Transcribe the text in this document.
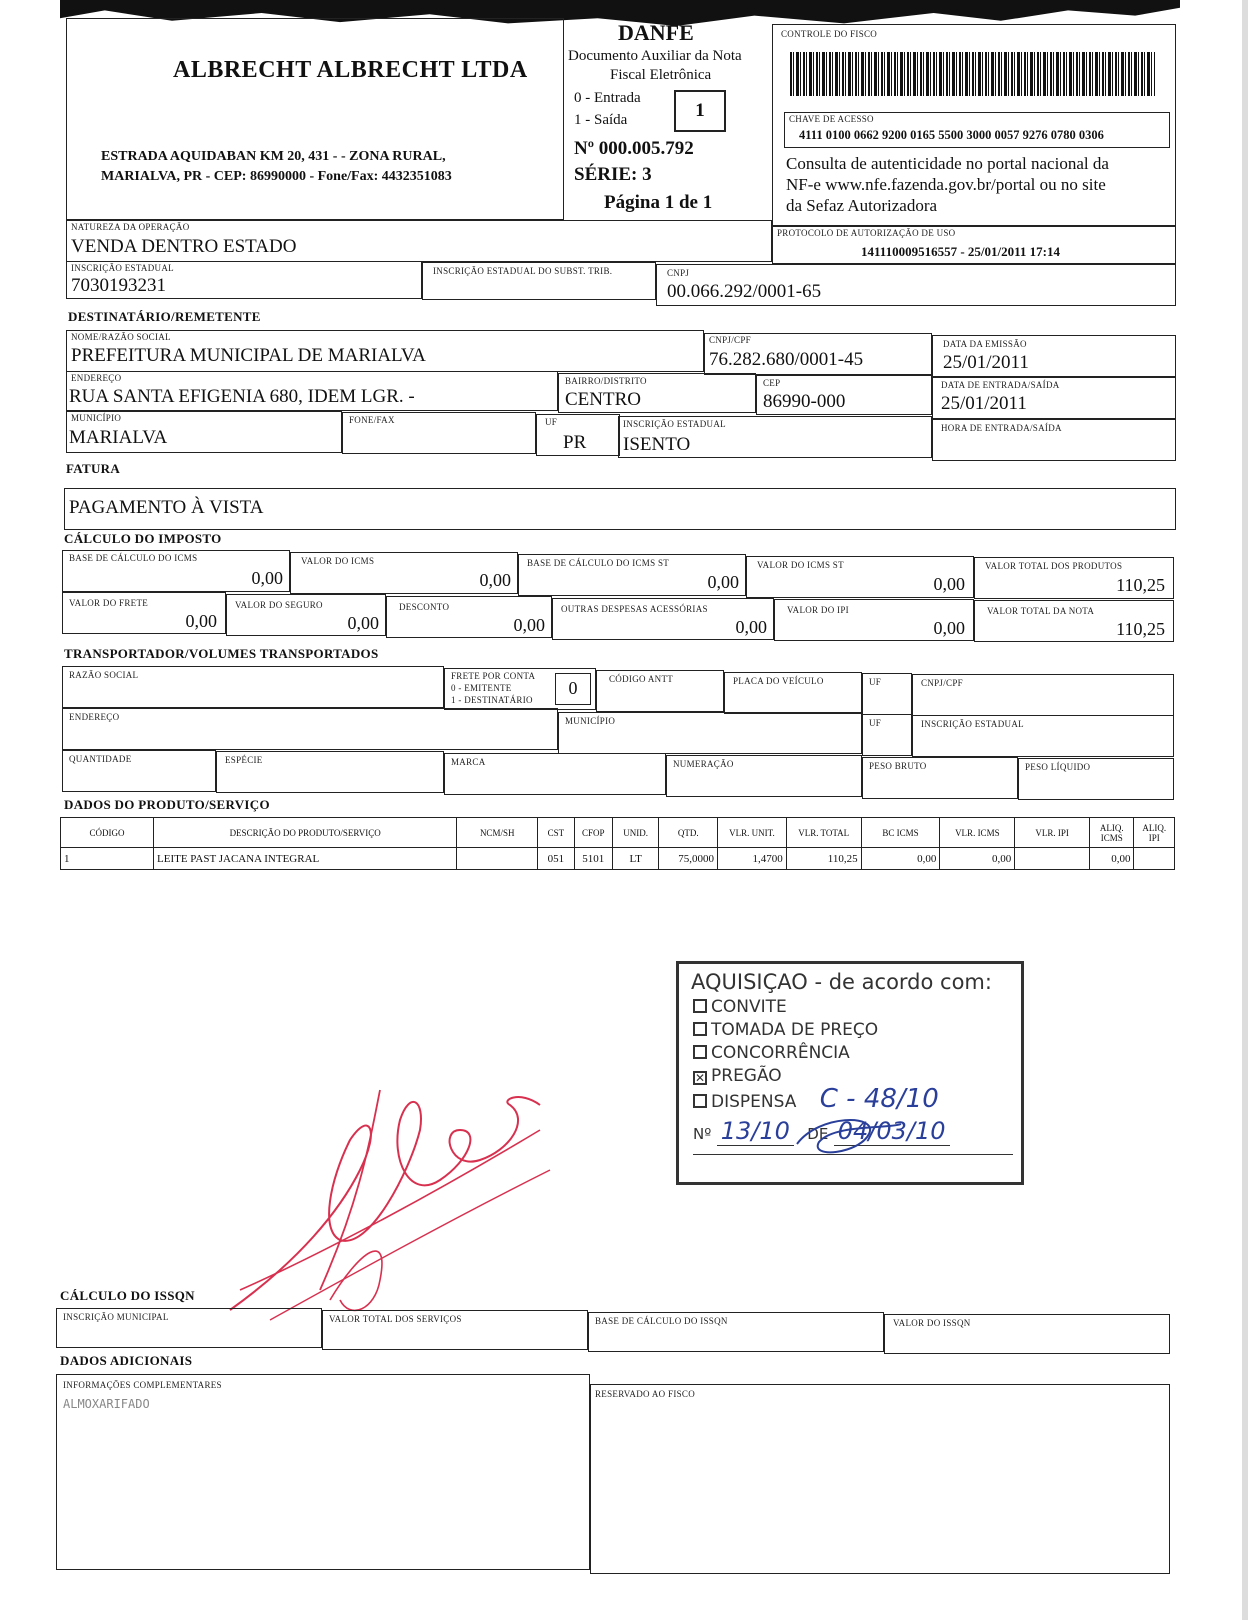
ALBRECHT ALBRECHT LTDA
ESTRADA AQUIDABAN KM 20, 431 - - ZONA RURAL,
MARIALVA, PR - CEP: 86990000 - Fone/Fax: 4432351083
DANFE
Documento Auxiliar da Nota
Fiscal Eletrônica
0 - Entrada
1 - Saída	1
Nº 000.005.792
SÉRIE: 3
Página 1 de 1
CONTROLE DO FISCO
CHAVE DE ACESSO
4111 0100 0662 9200 0165 5500 3000 0057 9276 0780 0306
Consulta de autenticidade no portal nacional da
NF-e www.nfe.fazenda.gov.br/portal ou no site
da Sefaz Autorizadora
NATUREZA DA OPERAÇÃO
VENDA DENTRO ESTADO
PROTOCOLO DE AUTORIZAÇÃO DE USO
141110009516557 - 25/01/2011 17:14
INSCRIÇÃO ESTADUAL
7030193231
INSCRIÇÃO ESTADUAL DO SUBST. TRIB.	CNPJ
00.066.292/0001-65
DESTINATÁRIO/REMETENTE
NOME/RAZÃO SOCIAL
PREFEITURA MUNICIPAL DE MARIALVA
CNPJ/CPF
76.282.680/0001-45
DATA DA EMISSÃO
25/01/2011
ENDEREÇO
RUA SANTA EFIGENIA 680, IDEM LGR. -
BAIRRO/DISTRITO
CENTRO
CEP
86990-000
DATA DE ENTRADA/SAÍDA
25/01/2011
MUNICÍPIO
MARIALVA
FONE/FAX	UF
PR
INSCRIÇÃO ESTADUAL
ISENTO
HORA DE ENTRADA/SAÍDA
FATURA
PAGAMENTO À VISTA
CÁLCULO DO IMPOSTO
BASE DE CÁLCULO DO ICMS
0,00
VALOR DO ICMS
0,00
BASE DE CÁLCULO DO ICMS ST
0,00
VALOR DO ICMS ST
0,00
VALOR TOTAL DOS PRODUTOS
110,25
VALOR DO FRETE
0,00
VALOR DO SEGURO
0,00
DESCONTO
0,00
OUTRAS DESPESAS ACESSÓRIAS
0,00
VALOR DO IPI
0,00
VALOR TOTAL DA NOTA
110,25
TRANSPORTADOR/VOLUMES TRANSPORTADOS
RAZÃO SOCIAL	FRETE POR CONTA
0 - EMITENTE
1 - DESTINATÁRIO
0	CÓDIGO ANTT	PLACA DO VEÍCULO	UF	CNPJ/CPF
ENDEREÇO	MUNICÍPIO	UF	INSCRIÇÃO ESTADUAL
QUANTIDADE	ESPÉCIE	MARCA	NUMERAÇÃO	PESO BRUTO	PESO LÍQUIDO
DADOS DO PRODUTO/SERVIÇO
CÓDIGO	DESCRIÇÃO DO PRODUTO/SERVIÇO	NCM/SH	CST	CFOP	UNID.	QTD.	VLR. UNIT.	VLR. TOTAL	BC ICMS	VLR. ICMS	VLR. IPI	ALIQ. ICMS	ALIQ. IPI
1	LEITE PAST JACANA INTEGRAL		051	5101	LT	75,0000	1,4700	110,25	0,00	0,00		0,00	
AQUISIÇAO - de acordo com:
CONVITE
TOMADA DE PREÇO
CONCORRÊNCIA
✕ PREGÃO
DISPENSA C - 48/10
Nº 13/10 DE 04/03/10
CÁLCULO DO ISSQN
INSCRIÇÃO MUNICIPAL	VALOR TOTAL DOS SERVIÇOS	BASE DE CÁLCULO DO ISSQN	VALOR DO ISSQN
DADOS ADICIONAIS
INFORMAÇÕES COMPLEMENTARES
ALMOXARIFADO
RESERVADO AO FISCO
